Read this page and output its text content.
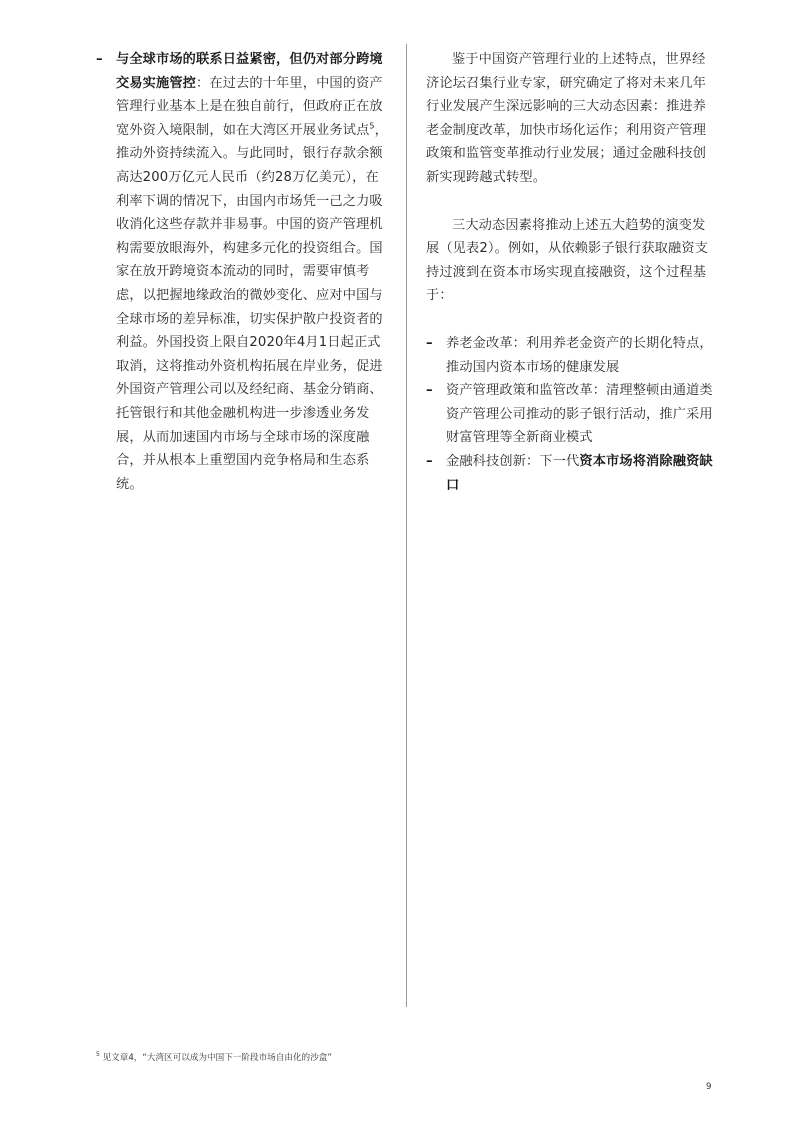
– 与全球市场的联系日益紧密，但仍对部分跨境交易实施管控：在过去的十年里，中国的资产管理行业基本上是在独自前行，但政府正在放宽外资入境限制，如在大湾区开展业务试点$^5$，推动外资持续流入。与此同时，银行存款余额高达200万亿元人民币（约28万亿美元），在利率下调的情况下，由国内市场凭一己之力吸收消化这些存款并非易事。中国的资产管理机构需要放眼海外，构建多元化的投资组合。国家在放开跨境资本流动的同时，需要审慎考虑，以把握地缘政治的微妙变化、应对中国与全球市场的差异标准，切实保护散户投资者的利益。外国投资上限自2020年4月1日起正式取消，这将推动外资机构拓展在岸业务，促进外国资产管理公司以及经纪商、基金分销商、托管银行和其他金融机构进一步渗透业务发展，从而加速国内市场与全球市场的深度融合，并从根本上重塑国内竞争格局和生态系统。

鉴于中国资产管理行业的上述特点，世界经济论坛召集行业专家，研究确定了将对未来几年行业发展产生深远影响的三大动态因素：推进养老金制度改革，加快市场化运作；利用资产管理政策和监管变革推动行业发展；通过金融科技创新实现跨越式转型。

三大动态因素将推动上述五大趋势的演变发展（见表2）。例如，从依赖影子银行获取融资支持过渡到在资本市场实现直接融资，这个过程基于：

– 养老金改革：利用养老金资产的长期化特点，推动国内资本市场的健康发展

– 资产管理政策和监管改革：清理整顿由通道类资产管理公司推动的影子银行活动，推广采用财富管理等全新商业模式

– 金融科技创新：下一代资本市场将消除融资缺口

$^5$ 见文章4，“大湾区可以成为中国下一阶段市场自由化的沙盒”
9
